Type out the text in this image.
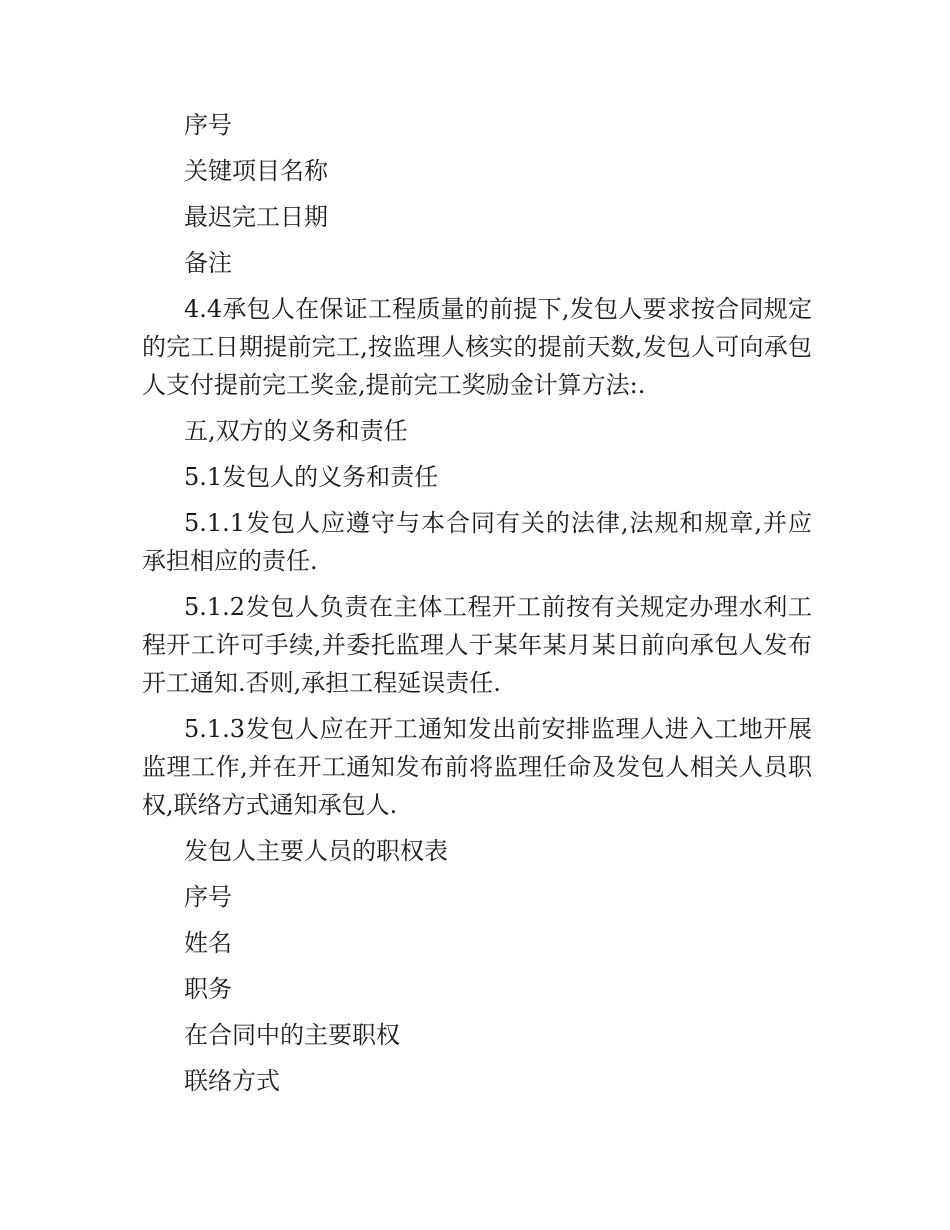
序号

关键项目名称

最迟完工日期

备注

4.4承包人在保证工程质量的前提下,发包人要求按合同规定的完工日期提前完工,按监理人核实的提前天数,发包人可向承包人支付提前完工奖金,提前完工奖励金计算方法:.

五,双方的义务和责任

5.1发包人的义务和责任

5.1.1发包人应遵守与本合同有关的法律,法规和规章,并应承担相应的责任.

5.1.2发包人负责在主体工程开工前按有关规定办理水利工程开工许可手续,并委托监理人于某年某月某日前向承包人发布开工通知.否则,承担工程延误责任.

5.1.3发包人应在开工通知发出前安排监理人进入工地开展监理工作,并在开工通知发布前将监理任命及发包人相关人员职权,联络方式通知承包人.

发包人主要人员的职权表

序号

姓名

职务

在合同中的主要职权

联络方式
